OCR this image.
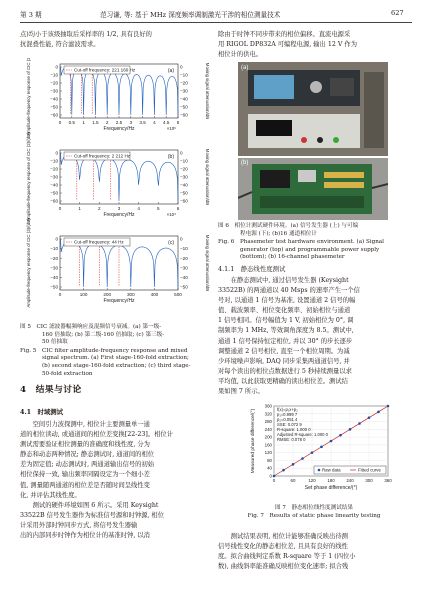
第 3 期	范习谦, 等: 基于 MHz 深度频率调制激光干涉的相位测量技术	627

点)均小于该级抽取后采样率的 1/2, 具有良好的

抗混叠性能, 符合滤波需求。

0
−10
−20
−30
−40
−50
−60
0
−10
−20
−30
−40
−50
−60
0 0.5 1 1.5 2 2.5 3 3.5 4 4.5 5
Frequency/Hz	×10⁶
Amplitude-frequency response of CIC (2)/(dB)	Moving signal attenuation/dB
Cut-off frequency: 221 160 Hz	(a)
0
−10
−20
−30
−40
−50
−60
0
−10
−20
−30
−40
−50
−60
0	1	2	3	4	5	6
Frequency/Hz	×10⁴
Amplitude-frequency response of CIC (2)/(dB)	Moving signal attenuation/dB
Cut-off frequency: 2 212 Hz	(b)
0
−10
−20
−30
−40
−50
0
−10
−20
−30
−40
−50
0	100	200	300	400	500
Frequency/Hz
Amplitude-frequency response of CIC (3)/(dB)	Moving signal attenuation/dB
Cut-off frequency: 44 Hz	(c)
图 5　CIC 滤波器幅频响应及混频信号衰减。(a) 第一级-
160 倍抽取; (b) 第二级-160 倍抽取; (c) 第三级-
50 倍抽取
Fig. 5　CIC filter amplitude-frequency response and mixed
signal spectrum. (a) First stage-160-fold extraction;
(b) second stage-160-fold extraction; (c) third stage-
50-fold extraction
4　结果与讨论
4.1　时域测试

空间引力波探测中, 相位计主要测量单一通

道的相位读动, 或通道间的相位差变换[22-23]。相位计

测试需要验证相位测量的准确度和线性度, 分为

静态和动态两种情况; 静态测试时, 通道间的相位

差为固定值; 动态测试时, 两通道输出信号的初始

相位保持一致, 输出频率同隔设定为一个细小差

值, 测量随两通道的相位差是否随时间呈线性变

化, 并评估其线性度。

测试的硬件环境如图 6 所示。采用 Keysight

33522B 信号发生器作为标准信号源和时钟源, 相位

计采用外部时钟同步方式, 将信号发生器输

出的内部同步时钟作为相位计的基准时钟, 以消

除由于时钟不同步带来的相位偏移。直流电源采

用 RIGOL DP832A 可编程电源, 输出 12 V 作为

相位计的供电。

(a)
(b)
图 6　相位计测试硬件环境。(a) 信号发生器 (上) 与可编
程电源 (下); (b)16 通道相位计
Fig. 6　Phasemeter test hardware environment. (a) Signal
generator (top) and programmable power supply
(bottom); (b) 16-channel phasemeter
4.1.1　静态线性度测试

在静态测试中, 通过信号发生器 (Keysight

33522B) 的两通道以 40 Msps 的速率产生一个信

号对, 以通道 1 信号为基准, 设置通道 2 信号的幅

值、载波频率、相位变化频率、初始相位与通道

1 信号相同。信号幅值为 1 V, 初始相位为 0°, 调

制频率为 1 MHz, 等效调角深度为 8.5。测试中,

通道 1 信号保持恒定相位, 并以 30° 的步长逐步

调整通道 2 信号相位, 直至一个相位周期。为减

少环境噪声影响, DAQ 同步采集两通道信号, 并

对每个读出的相位点数据进行 5 秒持续测量以求

平均值, 以此获取更精确的读出相位差。测试结

果如图 7 所示。

0
40
80
120
160
200
240
280
320
360
0	60	120	180	240	300	360
Set phase difference/(°)
Measured phase difference/(°)	f(x)=p₁x+p₂
p₁=0.999 7
p₂=0.051 4
SSE: 0.072 9
R-square: 1.000 0
Adjusted R-square: 1.000 0
RMSE: 0.078 0
Raw data	Fitted curve
图 7　静态相位线性度测试结果
Fig. 7　Results of static phase linearity testing

测试结果表明, 相位计能够准确反映出待测

信号线性变化的静态相位差, 且具有良好的线性

度。拟合曲线判定系数 R-square 等于 1 (四位小

数), 曲线斜率能准确反映相位变化速率; 拟合残
